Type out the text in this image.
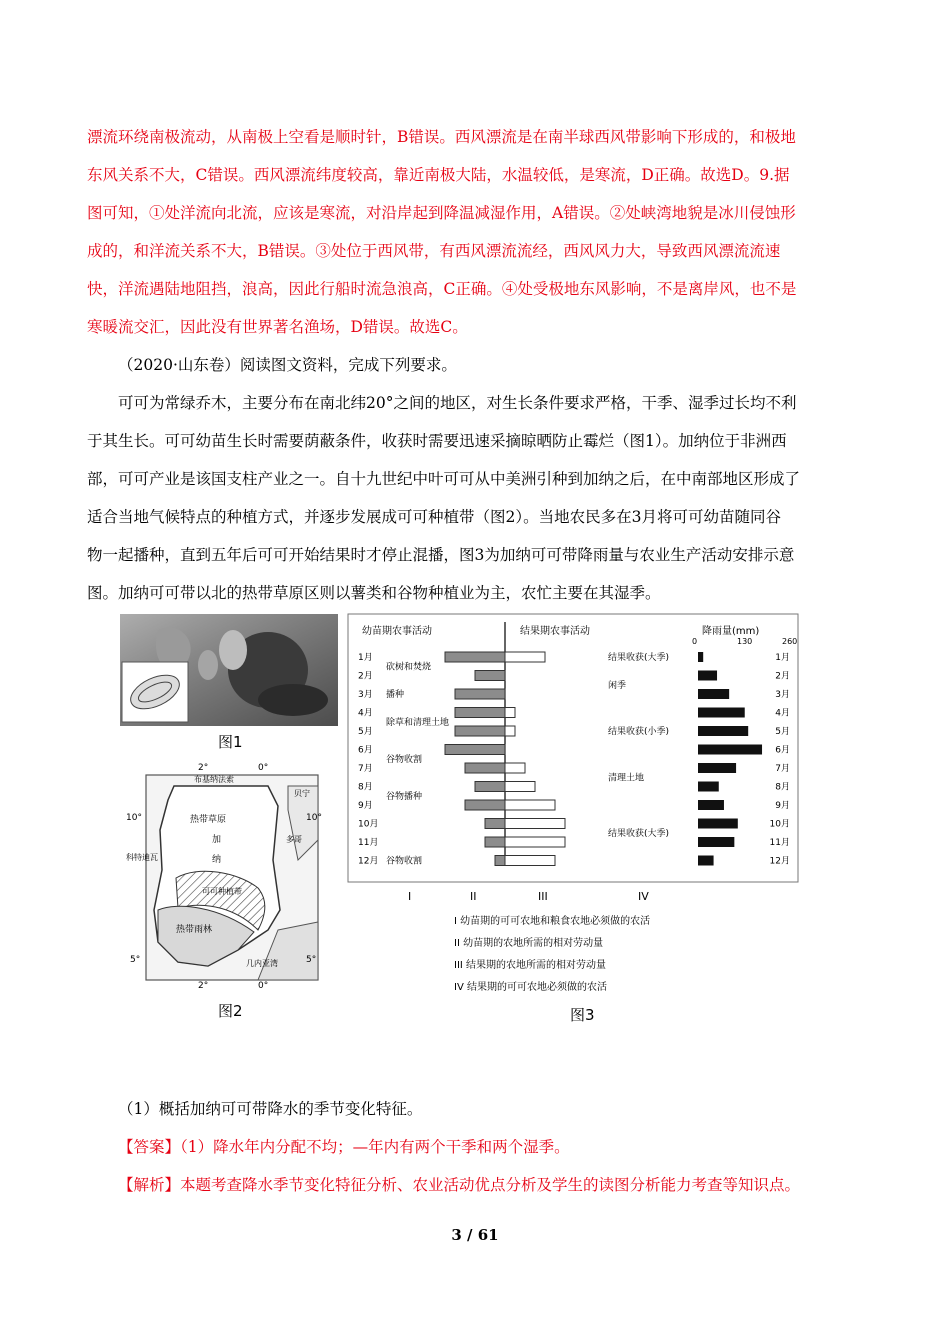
漂流环绕南极流动，从南极上空看是顺时针，B错误。西风漂流是在南半球西风带影响下形成的，和极地
东风关系不大，C错误。西风漂流纬度较高，靠近南极大陆，水温较低，是寒流，D正确。故选D。9.据
图可知，①处洋流向北流，应该是寒流，对沿岸起到降温减湿作用，A错误。②处峡湾地貌是冰川侵蚀形
成的，和洋流关系不大，B错误。③处位于西风带，有西风漂流流经，西风风力大，导致西风漂流流速
快，洋流遇陆地阻挡，浪高，因此行船时流急浪高，C正确。④处受极地东风影响，不是离岸风，也不是
寒暖流交汇，因此没有世界著名渔场，D错误。故选C。
（2020·山东卷）阅读图文资料，完成下列要求。
可可为常绿乔木，主要分布在南北纬20°之间的地区，对生长条件要求严格，干季、湿季过长均不利
于其生长。可可幼苗生长时需要荫蔽条件，收获时需要迅速采摘晾晒防止霉烂（图1）。加纳位于非洲西
部，可可产业是该国支柱产业之一。自十九世纪中叶可可从中美洲引种到加纳之后，在中南部地区形成了
适合当地气候特点的种植方式，并逐步发展成可可种植带（图2）。当地农民多在3月将可可幼苗随同谷
物一起播种，直到五年后可可开始结果时才停止混播，图3为加纳可可带降雨量与农业生产活动安排示意
图。加纳可可带以北的热带草原区则以薯类和谷物种植业为主，农忙主要在其湿季。
图1
布基纳法索
2°	0°
2°	0°
10°	10°
5°	5°
贝宁
多哥
科特迪瓦
几内亚湾
热带草原
加
纳
热带雨林
可可种植带
图2
幼苗期农事活动	结果期农事活动	降雨量(mm)
0	130	260
1月	1月
2月	2月
3月	3月
4月	4月
5月	5月
6月	6月
7月	7月
8月	8月
9月	9月
10月	10月
11月	11月
12月	12月
砍树和焚烧
播种
除草和清理土地
谷物收割
谷物播种
谷物收割
结果收获(大季)
闲季
结果收获(小季)
清理土地
结果收获(大季)
I	II	III	IV
I 幼苗期的可可农地和粮食农地必须做的农活
II 幼苗期的农地所需的相对劳动量
III 结果期的农地所需的相对劳动量
IV 结果期的可可农地必须做的农活
图3
（1）概括加纳可可带降水的季节变化特征。
【答案】（1）降水年内分配不均；—年内有两个干季和两个湿季。
【解析】本题考查降水季节变化特征分析、农业活动优点分析及学生的读图分析能力考查等知识点。
3 / 61
